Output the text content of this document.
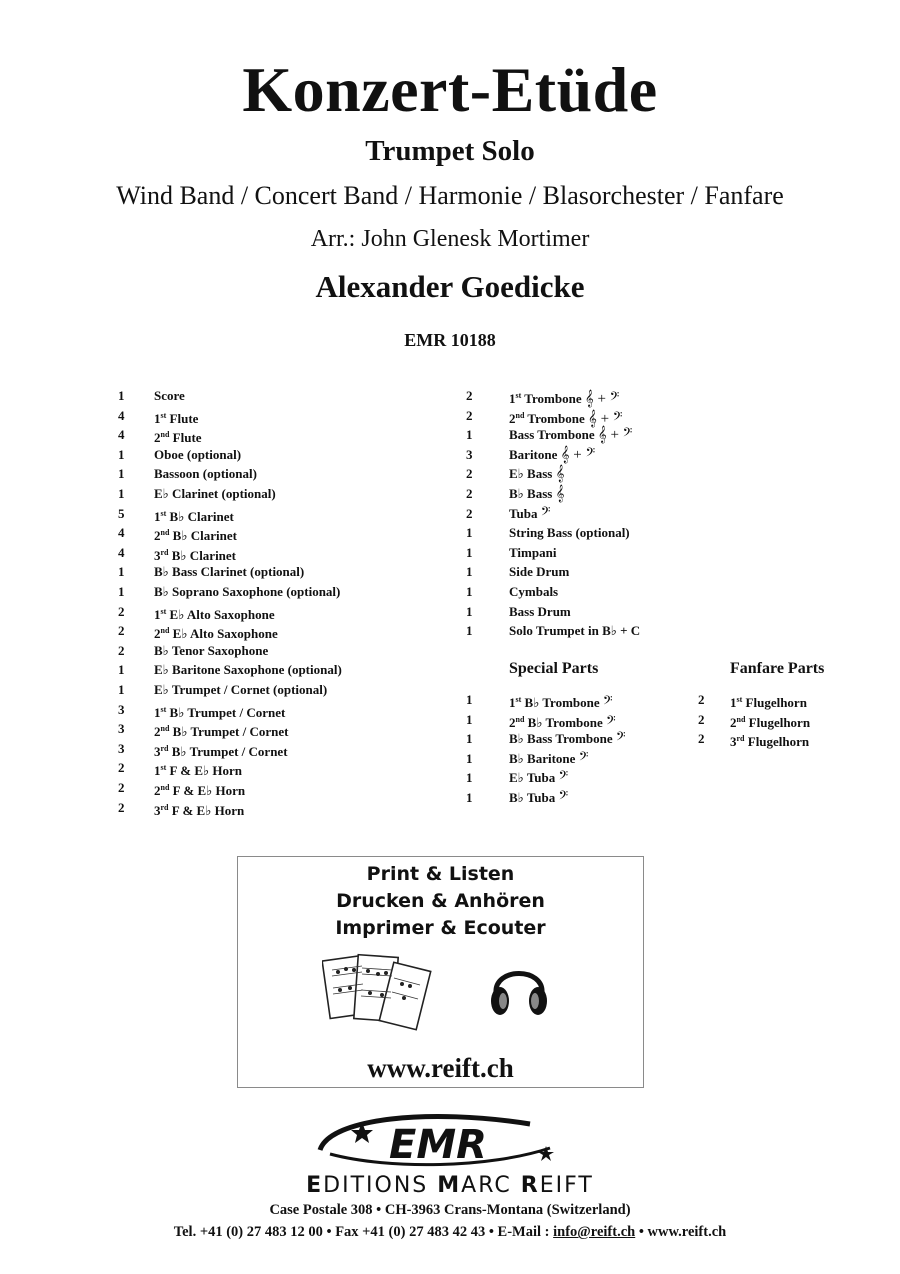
Konzert-Etüde
Trumpet Solo
Wind Band / Concert Band / Harmonie / Blasorchester / Fanfare
Arr.: John Glenesk Mortimer
Alexander Goedicke
EMR 10188
1	Score
4	1st Flute
4	2nd Flute
1	Oboe (optional)
1	Bassoon (optional)
1	E♭ Clarinet (optional)
5	1st B♭ Clarinet
4	2nd B♭ Clarinet
4	3rd B♭ Clarinet
1	B♭ Bass Clarinet (optional)
1	B♭ Soprano Saxophone (optional)
2	1st E♭ Alto Saxophone
2	2nd E♭ Alto Saxophone
2	B♭ Tenor Saxophone
1	E♭ Baritone Saxophone (optional)
1	E♭ Trumpet / Cornet (optional)
3	1st B♭ Trumpet / Cornet
3	2nd B♭ Trumpet / Cornet
3	3rd B♭ Trumpet / Cornet
2	1st F & E♭ Horn
2	2nd F & E♭ Horn
2	3rd F & E♭ Horn
2	1st Trombone 𝄞 + 𝄢
2	2nd Trombone 𝄞 + 𝄢
1	Bass Trombone 𝄞 + 𝄢
3	Baritone 𝄞 + 𝄢
2	E♭ Bass 𝄞
2	B♭ Bass 𝄞
2	Tuba 𝄢
1	String Bass (optional)
1	Timpani
1	Side Drum
1	Cymbals
1	Bass Drum
1	Solo Trumpet in B♭ + C
Special Parts	Fanfare Parts
1	1st B♭ Trombone 𝄢
1	2nd B♭ Trombone 𝄢
1	B♭ Bass Trombone 𝄢
1	B♭ Baritone 𝄢
1	E♭ Tuba 𝄢
1	B♭ Tuba 𝄢
2	1st Flugelhorn
2	2nd Flugelhorn
2	3rd Flugelhorn
Print & Listen
Drucken & Anhören
Imprimer & Ecouter
www.reift.ch
EMR
EDITIONS MARC REIFT
Case Postale 308 • CH-3963 Crans-Montana (Switzerland)
Tel. +41 (0) 27 483 12 00 • Fax +41 (0) 27 483 42 43 • E-Mail : info@reift.ch • www.reift.ch
